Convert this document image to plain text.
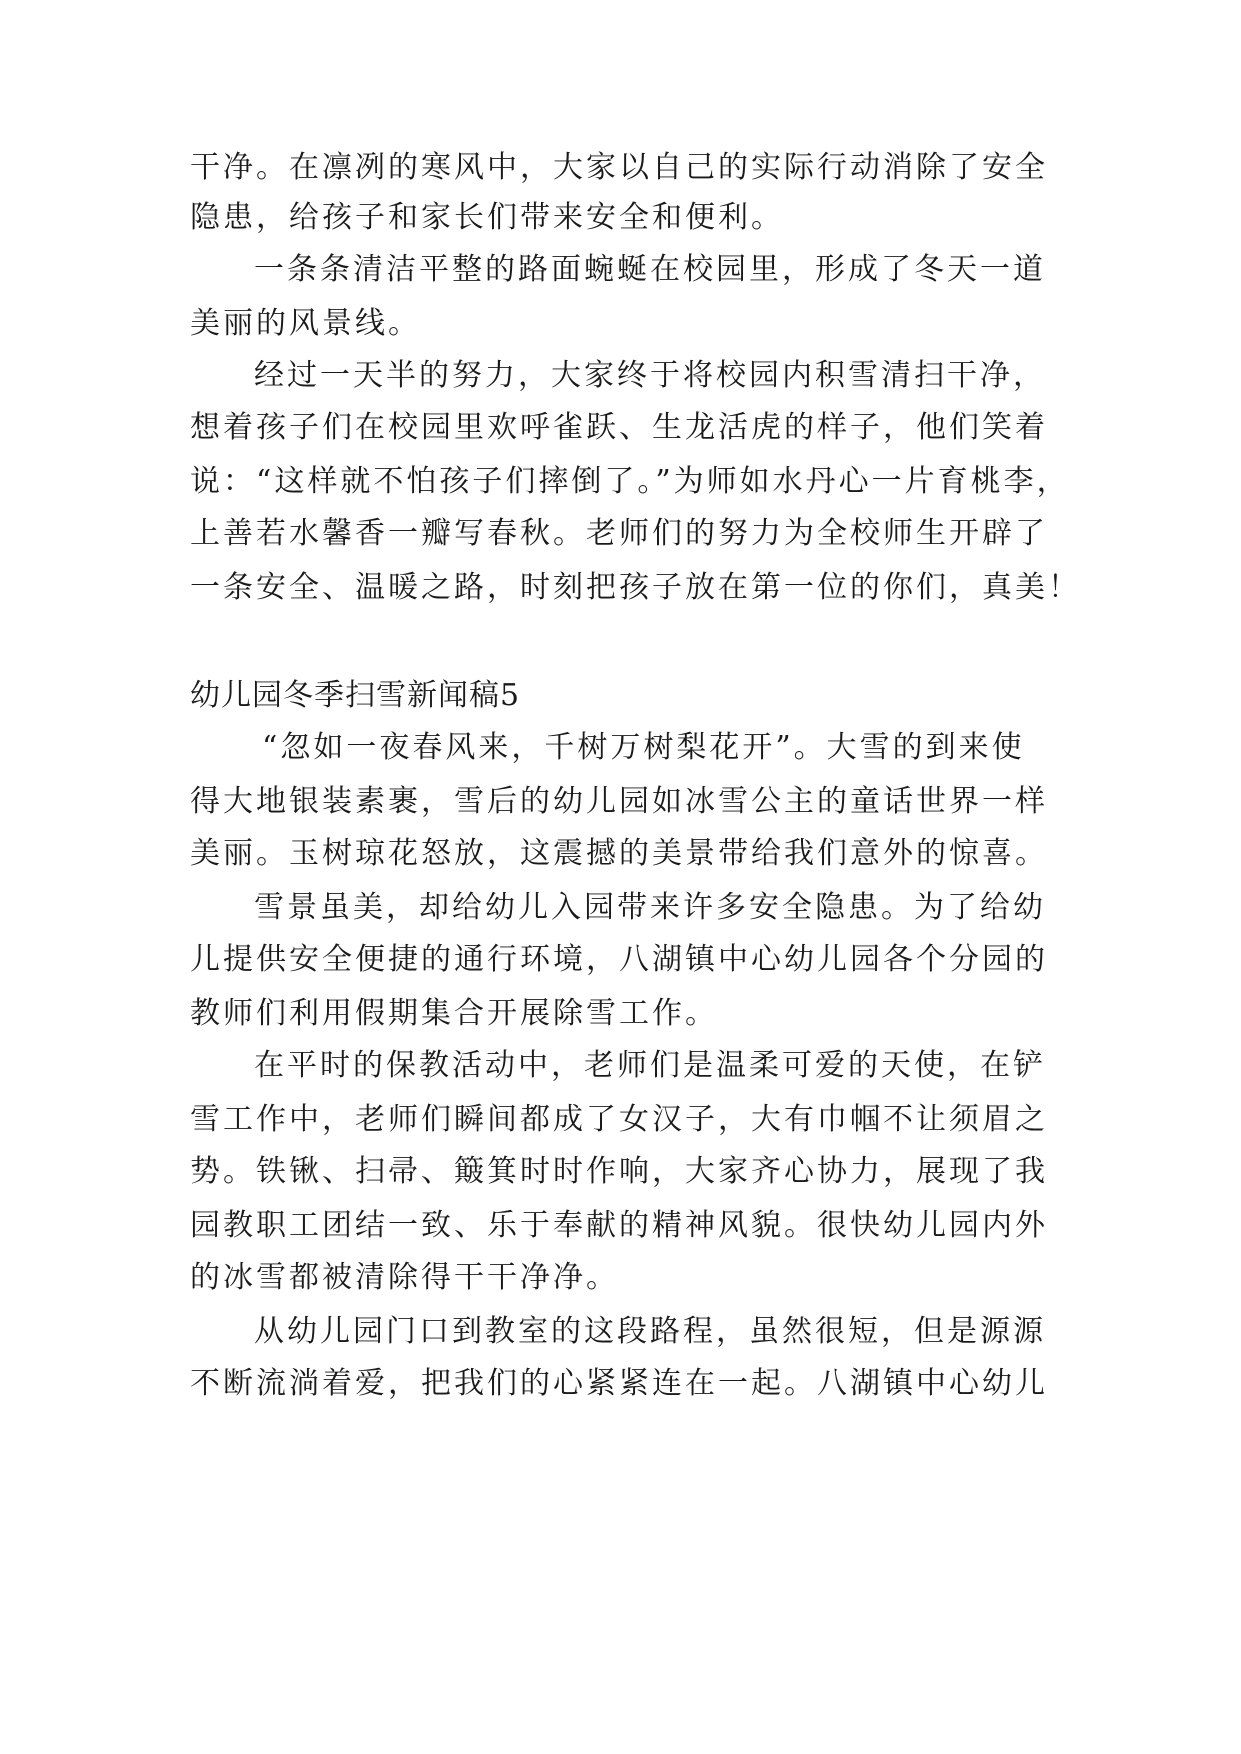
干净。在凛冽的寒风中，大家以自己的实际行动消除了安全
隐患，给孩子和家长们带来安全和便利。
一条条清洁平整的路面蜿蜒在校园里，形成了冬天一道
美丽的风景线。
经过一天半的努力，大家终于将校园内积雪清扫干净，
想着孩子们在校园里欢呼雀跃、生龙活虎的样子，他们笑着
说：“这样就不怕孩子们摔倒了。”为师如水丹心一片育桃李，
上善若水馨香一瓣写春秋。老师们的努力为全校师生开辟了
一条安全、温暖之路，时刻把孩子放在第一位的你们，真美！
幼儿园冬季扫雪新闻稿5
“忽如一夜春风来，千树万树梨花开”。大雪的到来使
得大地银装素裹，雪后的幼儿园如冰雪公主的童话世界一样
美丽。玉树琼花怒放，这震撼的美景带给我们意外的惊喜。
雪景虽美，却给幼儿入园带来许多安全隐患。为了给幼
儿提供安全便捷的通行环境，八湖镇中心幼儿园各个分园的
教师们利用假期集合开展除雪工作。
在平时的保教活动中，老师们是温柔可爱的天使，在铲
雪工作中，老师们瞬间都成了女汉子，大有巾帼不让须眉之
势。铁锹、扫帚、簸箕时时作响，大家齐心协力，展现了我
园教职工团结一致、乐于奉献的精神风貌。很快幼儿园内外
的冰雪都被清除得干干净净。
从幼儿园门口到教室的这段路程，虽然很短，但是源源
不断流淌着爱，把我们的心紧紧连在一起。八湖镇中心幼儿
